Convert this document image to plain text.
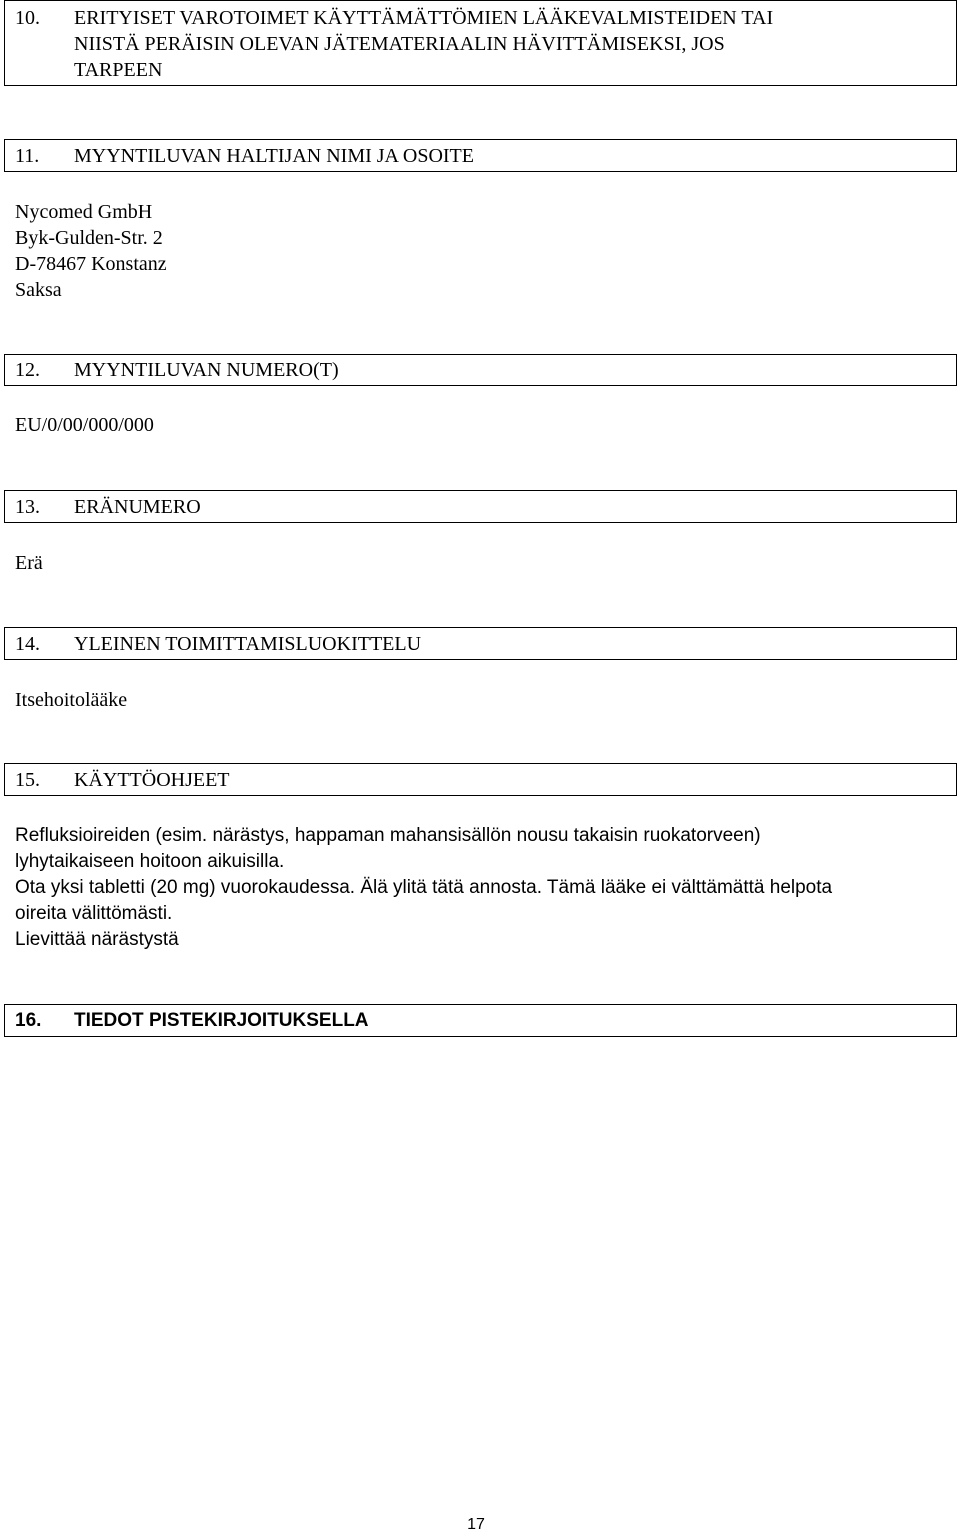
10.	ERITYISET VAROTOIMET KÄYTTÄMÄTTÖMIEN LÄÄKEVALMISTEIDEN TAI
NIISTÄ PERÄISIN OLEVAN JÄTEMATERIAALIN HÄVITTÄMISEKSI, JOS
TARPEEN
11.	MYYNTILUVAN HALTIJAN NIMI JA OSOITE
Nycomed GmbH
Byk-Gulden-Str. 2
D-78467 Konstanz
Saksa
12.	MYYNTILUVAN NUMERO(T)
EU/0/00/000/000
13.	ERÄNUMERO
Erä
14.	YLEINEN TOIMITTAMISLUOKITTELU
Itsehoitolääke
15.	KÄYTTÖOHJEET
Refluksioireiden (esim. närästys, happaman mahansisällön nousu takaisin ruokatorveen)
lyhytaikaiseen hoitoon aikuisilla.
Ota yksi tabletti (20 mg) vuorokaudessa. Älä ylitä tätä annosta. Tämä lääke ei välttämättä helpota
oireita välittömästi.
Lievittää närästystä
16.	TIEDOT PISTEKIRJOITUKSELLA
17
